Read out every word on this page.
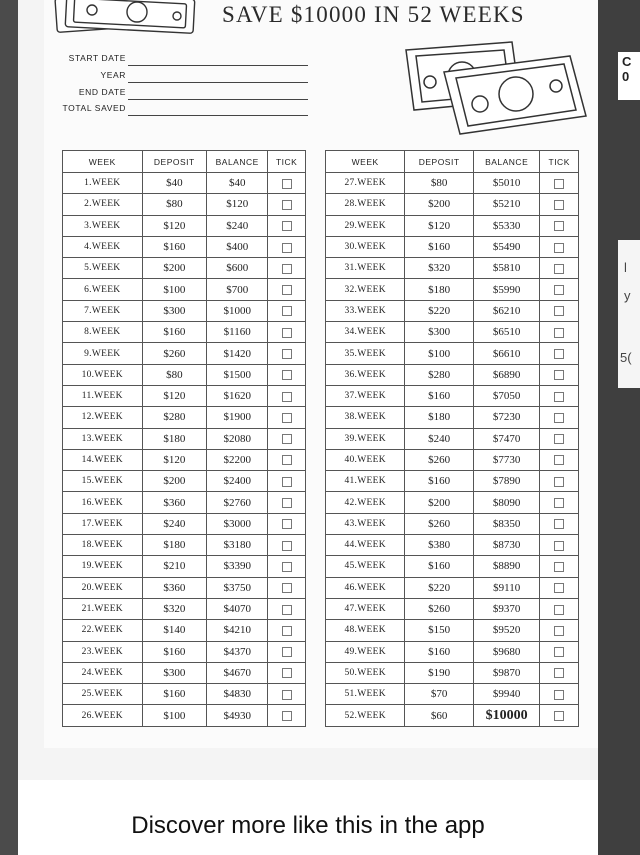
C
0
l
y
5(
SAVE $10000 IN 52 WEEKS
START DATE
YEAR
END DATE
TOTAL SAVED
WEEK	DEPOSIT	BALANCE	TICK
1.WEEK	$40	$40	
2.WEEK	$80	$120	
3.WEEK	$120	$240	
4.WEEK	$160	$400	
5.WEEK	$200	$600	
6.WEEK	$100	$700	
7.WEEK	$300	$1000	
8.WEEK	$160	$1160	
9.WEEK	$260	$1420	
10.WEEK	$80	$1500	
11.WEEK	$120	$1620	
12.WEEK	$280	$1900	
13.WEEK	$180	$2080	
14.WEEK	$120	$2200	
15.WEEK	$200	$2400	
16.WEEK	$360	$2760	
17.WEEK	$240	$3000	
18.WEEK	$180	$3180	
19.WEEK	$210	$3390	
20.WEEK	$360	$3750	
21.WEEK	$320	$4070	
22.WEEK	$140	$4210	
23.WEEK	$160	$4370	
24.WEEK	$300	$4670	
25.WEEK	$160	$4830	
26.WEEK	$100	$4930	
WEEK	DEPOSIT	BALANCE	TICK
27.WEEK	$80	$5010	
28.WEEK	$200	$5210	
29.WEEK	$120	$5330	
30.WEEK	$160	$5490	
31.WEEK	$320	$5810	
32.WEEK	$180	$5990	
33.WEEK	$220	$6210	
34.WEEK	$300	$6510	
35.WEEK	$100	$6610	
36.WEEK	$280	$6890	
37.WEEK	$160	$7050	
38.WEEK	$180	$7230	
39.WEEK	$240	$7470	
40.WEEK	$260	$7730	
41.WEEK	$160	$7890	
42.WEEK	$200	$8090	
43.WEEK	$260	$8350	
44.WEEK	$380	$8730	
45.WEEK	$160	$8890	
46.WEEK	$220	$9110	
47.WEEK	$260	$9370	
48.WEEK	$150	$9520	
49.WEEK	$160	$9680	
50.WEEK	$190	$9870	
51.WEEK	$70	$9940	
52.WEEK	$60	$10000	
Discover more like this in the app
